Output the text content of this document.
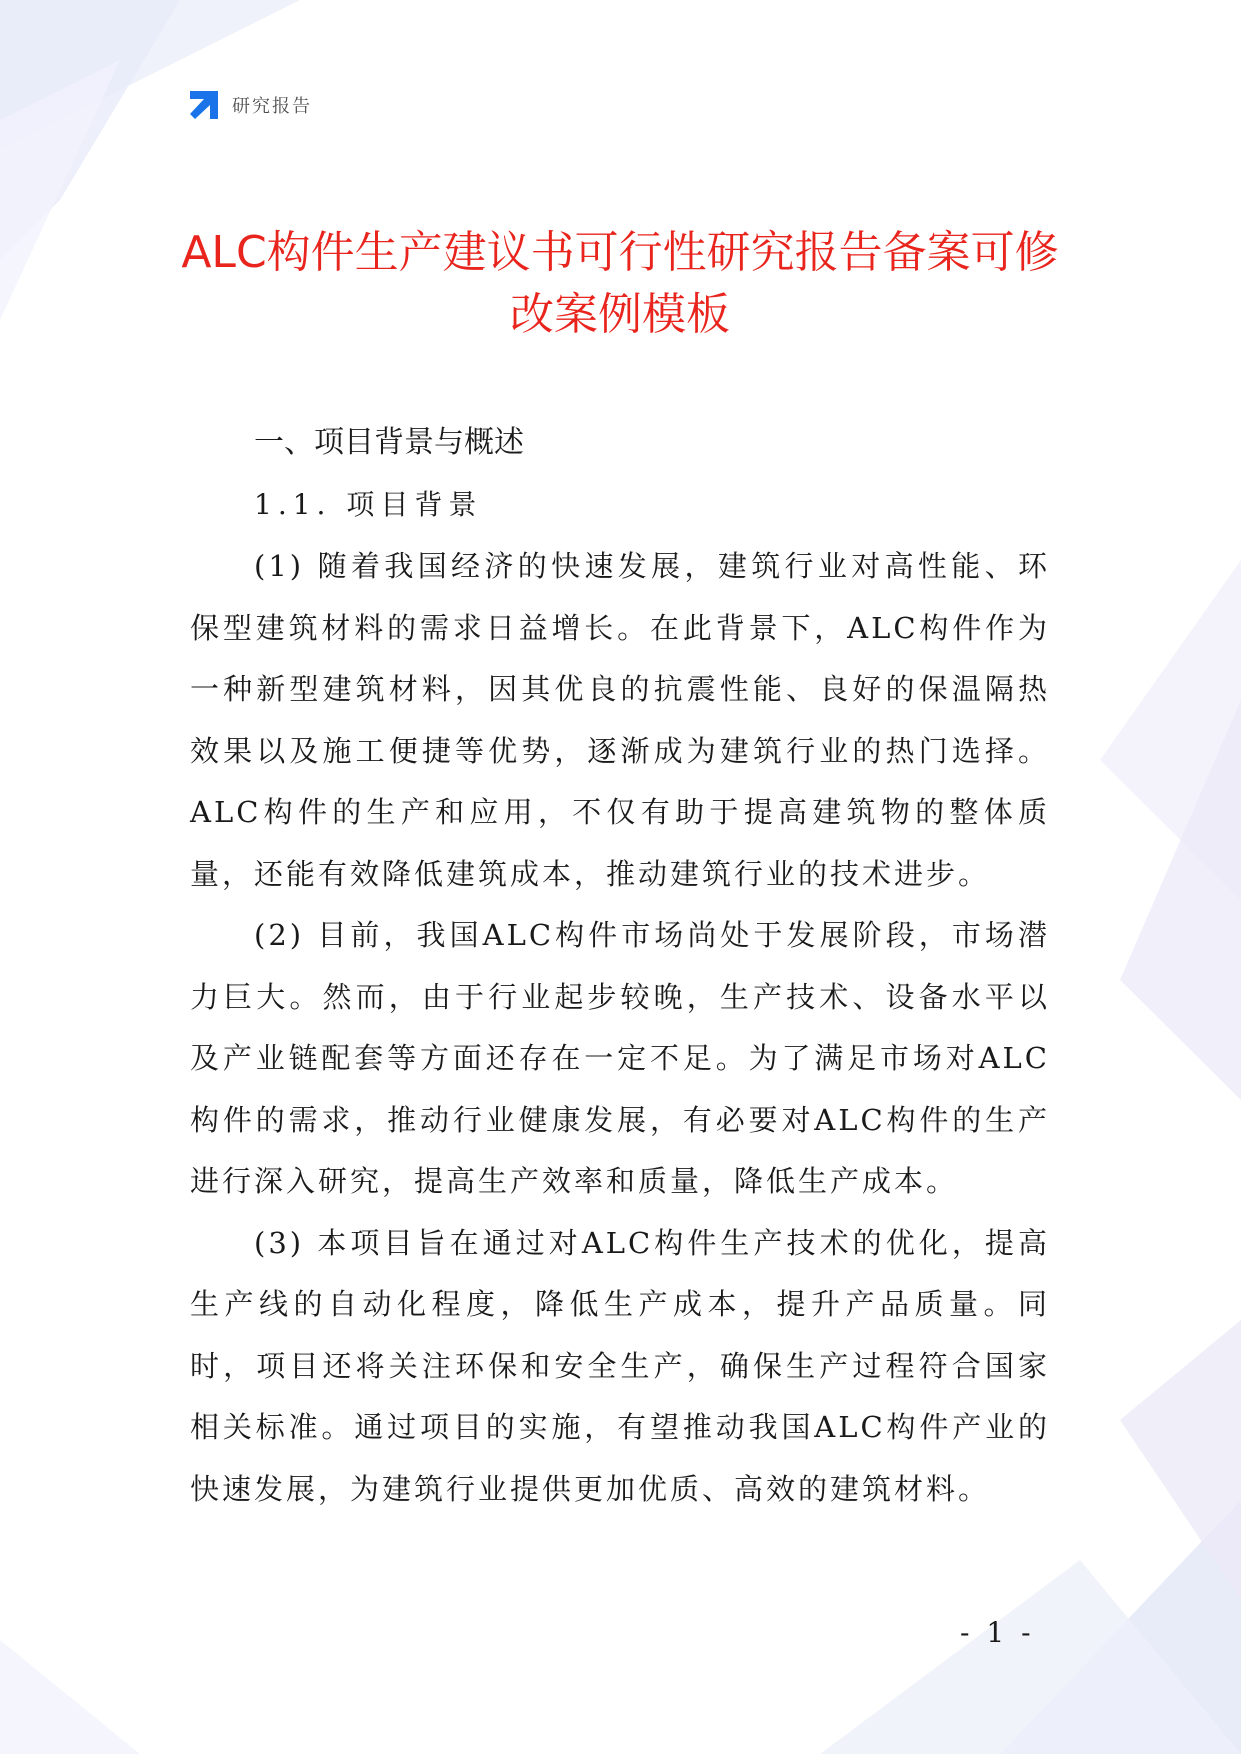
研究报告
ALC构件生产建议书可行性研究报告备案可修改案例模板
一、项目背景与概述
1.1. 项目背景

(1) 随着我国经济的快速发展，建筑行业对高性能、环保型建筑材料的需求日益增长。在此背景下，ALC构件作为一种新型建筑材料，因其优良的抗震性能、良好的保温隔热效果以及施工便捷等优势，逐渐成为建筑行业的热门选择。ALC构件的生产和应用，不仅有助于提高建筑物的整体质量，还能有效降低建筑成本，推动建筑行业的技术进步。

(2) 目前，我国ALC构件市场尚处于发展阶段，市场潜力巨大。然而，由于行业起步较晚，生产技术、设备水平以及产业链配套等方面还存在一定不足。为了满足市场对ALC构件的需求，推动行业健康发展，有必要对ALC构件的生产进行深入研究，提高生产效率和质量，降低生产成本。

(3) 本项目旨在通过对ALC构件生产技术的优化，提高生产线的自动化程度，降低生产成本，提升产品质量。同时，项目还将关注环保和安全生产，确保生产过程符合国家相关标准。通过项目的实施，有望推动我国ALC构件产业的快速发展，为建筑行业提供更加优质、高效的建筑材料。

- 1 -
